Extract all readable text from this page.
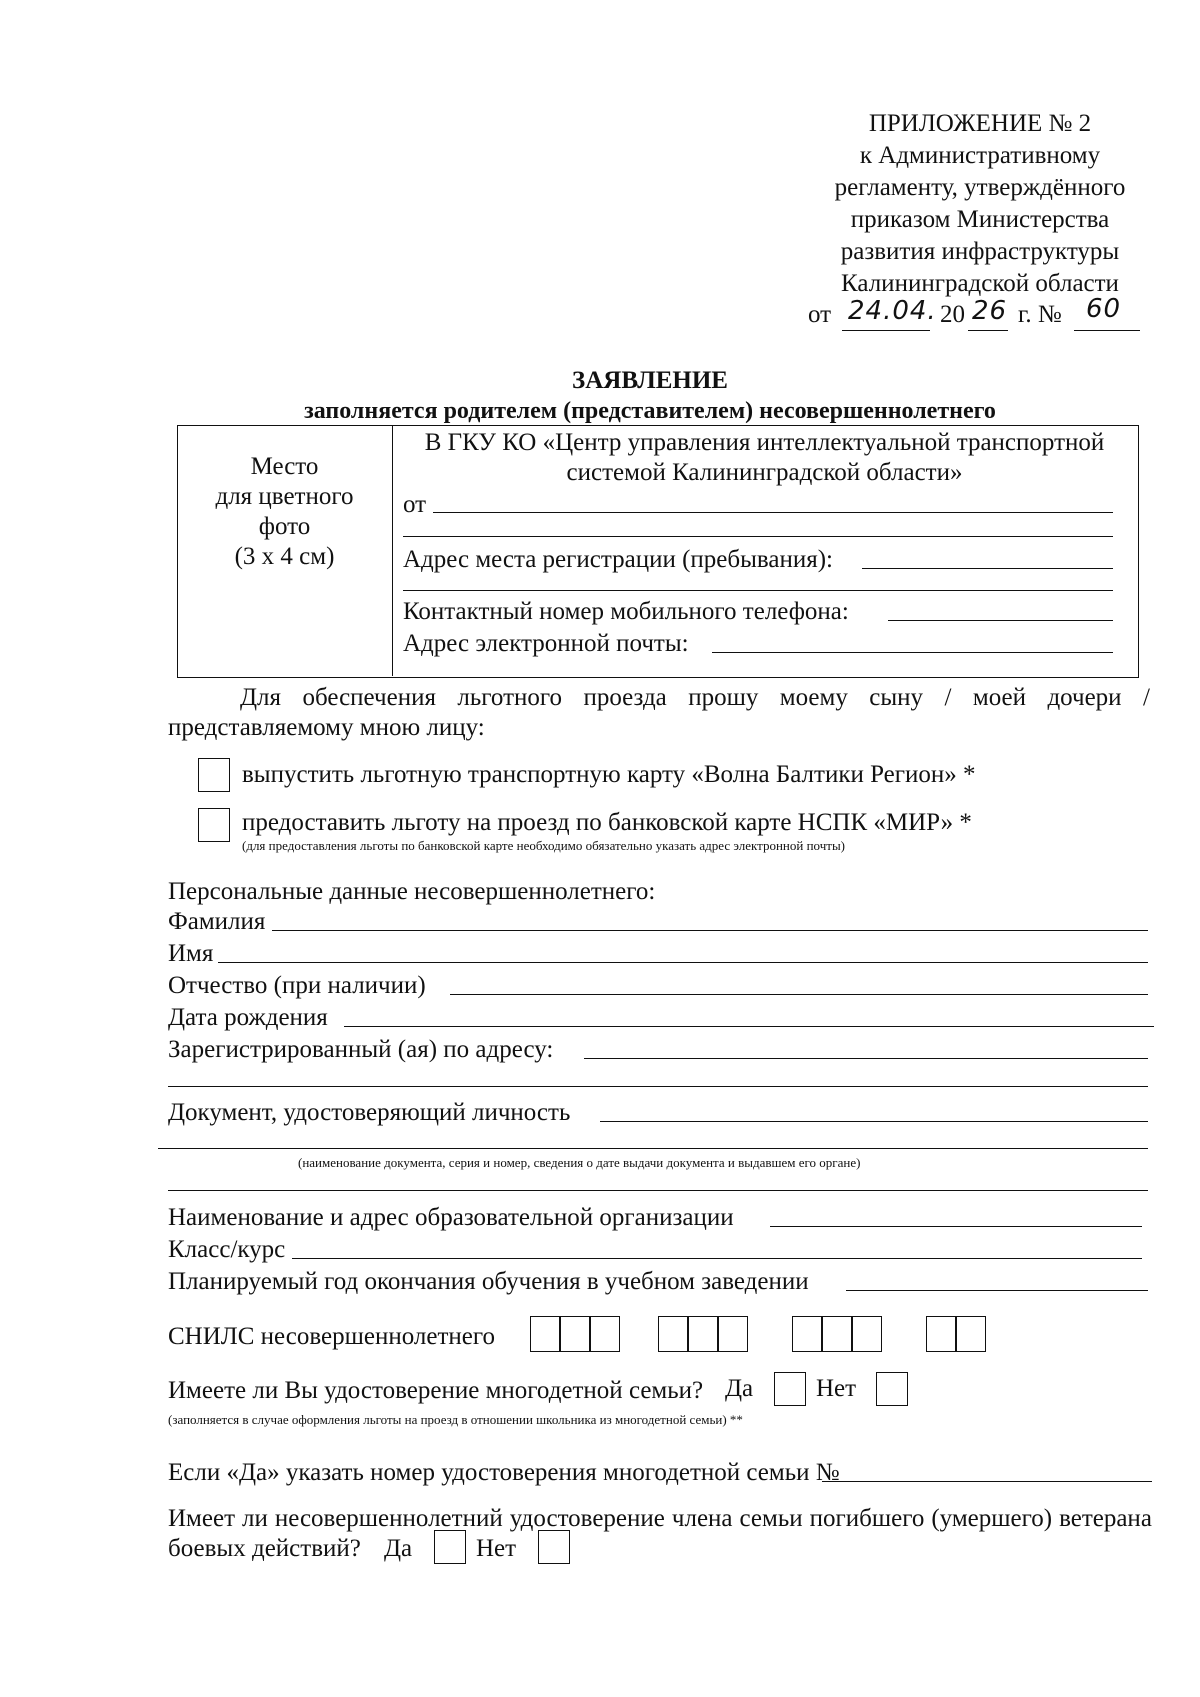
ПРИЛОЖЕНИЕ № 2
к Административному
регламенту, утверждённого
приказом Министерства
развития инфраструктуры
Калининградской области
от 24.04. 20 26 г. № 60
ЗАЯВЛЕНИЕ
заполняется родителем (представителем) несовершеннолетнего
Место
для цветного
фото
(3 х 4 см)
В ГКУ КО «Центр управления интеллектуальной транспортной
системой Калининградской области»
от
Адрес места регистрации (пребывания):
Контактный номер мобильного телефона:
Адрес электронной почты:
Для обеспечения льготного проезда прошу моему сыну / моей дочери /
представляемому мною лицу:
выпустить льготную транспортную карту «Волна Балтики Регион» *
предоставить льготу на проезд по банковской карте НСПК «МИР» *
(для предоставления льготы по банковской карте необходимо обязательно указать адрес электронной почты)
Персональные данные несовершеннолетнего:
Фамилия
Имя
Отчество (при наличии)
Дата рождения
Зарегистрированный (ая) по адресу:
Документ, удостоверяющий личность
(наименование документа, серия и номер, сведения о дате выдачи документа и выдавшем его органе)
Наименование и адрес образовательной организации
Класс/курс
Планируемый год окончания обучения в учебном заведении
СНИЛС несовершеннолетнего
Имеете ли Вы удостоверение многодетной семьи? Да	Нет
(заполняется в случае оформления льготы на проезд в отношении школьника из многодетной семьи) **
Если «Да» указать номер удостоверения многодетной семьи №
Имеет ли несовершеннолетний удостоверение члена семьи погибшего (умершего) ветерана
боевых действий? Да	Нет
